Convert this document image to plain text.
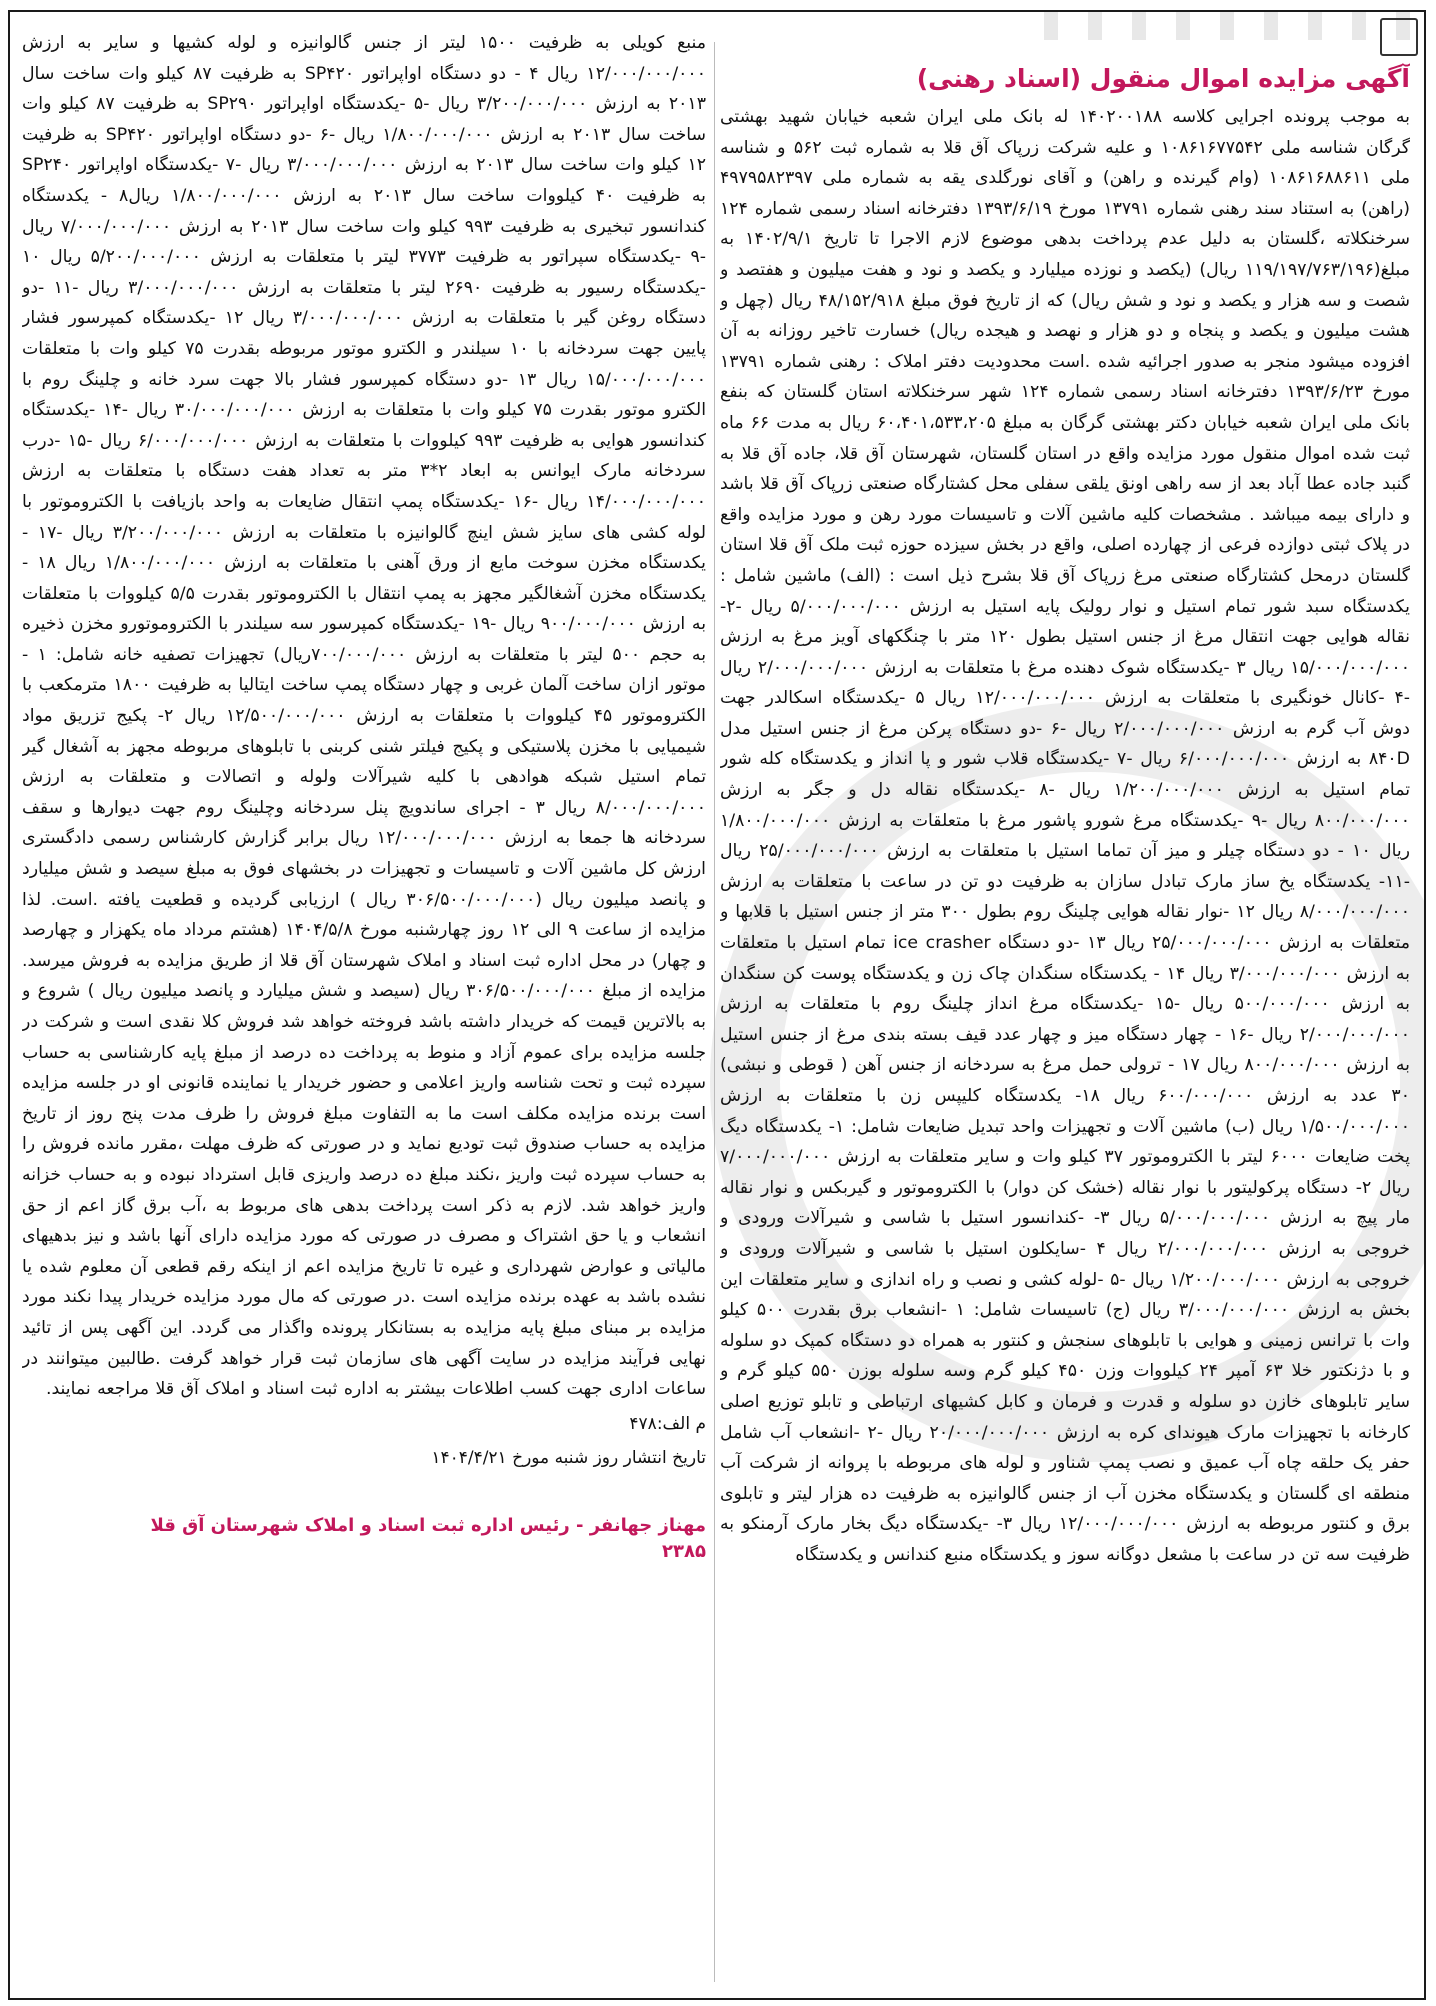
آگهی مزایده اموال منقول (اسناد رهنی)

به موجب پرونده اجرایی کلاسه ۱۴۰۲۰۰۱۸۸ له بانک ملی ایران شعبه خیابان شهید بهشتی گرگان شناسه ملی ۱۰۸۶۱۶۷۷۵۴۲ و علیه شرکت زرپاک آق قلا به شماره ثبت ۵۶۲ و شناسه ملی ۱۰۸۶۱۶۸۸۶۱۱ (وام گیرنده و راهن) و آقای نورگلدی یقه به شماره ملی ۴۹۷۹۵۸۲۳۹۷ (راهن) به استناد سند رهنی شماره ۱۳۷۹۱ مورخ ۱۳۹۳/۶/۱۹ دفترخانه اسناد رسمی شماره ۱۲۴ سرخنکلاته ،گلستان به دلیل عدم پرداخت بدهی موضوع لازم الاجرا تا تاریخ ۱۴۰۲/۹/۱ به مبلغ(۱۱۹/۱۹۷/۷۶۳/۱۹۶ ریال) (یکصد و نوزده میلیارد و یکصد و نود و هفت میلیون و هفتصد و شصت و سه هزار و یکصد و نود و شش ریال) که از تاریخ فوق مبلغ ۴۸/۱۵۲/۹۱۸ ریال (چهل و هشت میلیون و یکصد و پنجاه و دو هزار و نهصد و هیجده ریال) خسارت تاخیر روزانه به آن افزوده میشود منجر به صدور اجرائیه شده .است محدودیت دفتر املاک : رهنی شماره ۱۳۷۹۱ مورخ ۱۳۹۳/۶/۲۳ دفترخانه اسناد رسمی شماره ۱۲۴ شهر سرخنکلاته استان گلستان که بنفع بانک ملی ایران شعبه خیابان دکتر بهشتی گرگان به مبلغ ۶۰،۴۰۱،۵۳۳،۲۰۵ ریال به مدت ۶۶ ماه ثبت شده اموال منقول مورد مزایده واقع در استان گلستان، شهرستان آق قلا، جاده آق قلا به گنبد جاده عطا آباد بعد از سه راهی اونق یلقی سفلی محل کشتارگاه صنعتی زرپاک آق قلا باشد و دارای بیمه میباشد . مشخصات کلیه ماشین آلات و تاسیسات مورد رهن و مورد مزایده واقع در پلاک ثبتی دوازده فرعی از چهارده اصلی، واقع در بخش سیزده حوزه ثبت ملک آق قلا استان گلستان درمحل کشتارگاه صنعتی مرغ زرپاک آق قلا بشرح ذیل است : (الف) ماشین شامل : یکدستگاه سبد شور تمام استیل و نوار رولیک پایه استیل به ارزش ۵/۰۰۰/۰۰۰/۰۰۰ ریال -۲- نقاله هوایی جهت انتقال مرغ از جنس استیل بطول ۱۲۰ متر با چنگکهای آویز مرغ به ارزش ۱۵/۰۰۰/۰۰۰/۰۰۰ ریال ۳ -یکدستگاه شوک دهنده مرغ با متعلقات به ارزش ۲/۰۰۰/۰۰۰/۰۰۰ ریال -۴ -کانال خونگیری با متعلقات به ارزش ۱۲/۰۰۰/۰۰۰/۰۰۰ ریال ۵ -یکدستگاه اسکالدر جهت دوش آب گرم به ارزش ۲/۰۰۰/۰۰۰/۰۰۰ ریال -۶ -دو دستگاه پرکن مرغ از جنس استیل مدل ۸۴۰D به ارزش ۶/۰۰۰/۰۰۰/۰۰۰ ریال -۷ -یکدستگاه قلاب شور و پا انداز و یکدستگاه کله شور تمام استیل به ارزش ۱/۲۰۰/۰۰۰/۰۰۰ ریال -۸ -یکدستگاه نقاله دل و جگر به ارزش ۸۰۰/۰۰۰/۰۰۰ ریال -۹ -یکدستگاه مرغ شورو پاشور مرغ با متعلقات به ارزش ۱/۸۰۰/۰۰۰/۰۰۰ ریال ۱۰ - دو دستگاه چیلر و میز آن تماما استیل با متعلقات به ارزش ۲۵/۰۰۰/۰۰۰/۰۰۰ ریال -۱۱- یکدستگاه یخ ساز مارک تبادل سازان به ظرفیت دو تن در ساعت با متعلقات به ارزش ۸/۰۰۰/۰۰۰/۰۰۰ ریال ۱۲ -نوار نقاله هوایی چلینگ روم بطول ۳۰۰ متر از جنس استیل با قلابها و متعلقات به ارزش ۲۵/۰۰۰/۰۰۰/۰۰۰ ریال ۱۳ -دو دستگاه ice crasher تمام استیل با متعلقات به ارزش ۳/۰۰۰/۰۰۰/۰۰۰ ریال ۱۴ - یکدستگاه سنگدان چاک زن و یکدستگاه پوست کن سنگدان به ارزش ۵۰۰/۰۰۰/۰۰۰ ریال -۱۵ -یکدستگاه مرغ انداز چلینگ روم با متعلقات به ارزش ۲/۰۰۰/۰۰۰/۰۰۰ ریال -۱۶ - چهار دستگاه میز و چهار عدد قیف بسته بندی مرغ از جنس استیل به ارزش ۸۰۰/۰۰۰/۰۰۰ ریال ۱۷ - ترولی حمل مرغ به سردخانه از جنس آهن ( قوطی و نبشی) ۳۰ عدد به ارزش ۶۰۰/۰۰۰/۰۰۰ ریال ۱۸- یکدستگاه کلیپس زن با متعلقات به ارزش ۱/۵۰۰/۰۰۰/۰۰۰ ریال (ب) ماشین آلات و تجهیزات واحد تبدیل ضایعات شامل: ۱- یکدستگاه دیگ پخت ضایعات ۶۰۰۰ لیتر با الکتروموتور ۳۷ کیلو وات و سایر متعلقات به ارزش ۷/۰۰۰/۰۰۰/۰۰۰ ریال ۲- دستگاه پرکولیتور با نوار نقاله (خشک کن دوار) با الکتروموتور و گیربکس و نوار نقاله مار پیچ به ارزش ۵/۰۰۰/۰۰۰/۰۰۰ ریال ۳- -کندانسور استیل با شاسی و شیرآلات ورودی و خروجی به ارزش ۲/۰۰۰/۰۰۰/۰۰۰ ریال ۴ -سایکلون استیل با شاسی و شیرآلات ورودی و خروجی به ارزش ۱/۲۰۰/۰۰۰/۰۰۰ ریال -۵ -لوله کشی و نصب و راه اندازی و سایر متعلقات این بخش به ارزش ۳/۰۰۰/۰۰۰/۰۰۰ ریال (ج) تاسیسات شامل: ۱ -انشعاب برق بقدرت ۵۰۰ کیلو وات با ترانس زمینی و هوایی با تابلوهای سنجش و کنتور به همراه دو دستگاه کمپک دو سلوله و با دژنکتور خلا ۶۳ آمپر ۲۴ کیلووات وزن ۴۵۰ کیلو گرم وسه سلوله بوزن ۵۵۰ کیلو گرم و سایر تابلوهای خازن دو سلوله و قدرت و فرمان و کابل کشیهای ارتباطی و تابلو توزیع اصلی کارخانه با تجهیزات مارک هیوندای کره به ارزش ۲۰/۰۰۰/۰۰۰/۰۰۰ ریال -۲ -انشعاب آب شامل حفر یک حلقه چاه آب عمیق و نصب پمپ شناور و لوله های مربوطه با پروانه از شرکت آب منطقه ای گلستان و یکدستگاه مخزن آب از جنس گالوانیزه به ظرفیت ده هزار لیتر و تابلوی برق و کنتور مربوطه به ارزش ۱۲/۰۰۰/۰۰۰/۰۰۰ ریال ۳- -یکدستگاه دیگ بخار مارک آرمنکو به ظرفیت سه تن در ساعت با مشعل دوگانه سوز و یکدستگاه منبع کندانس و یکدستگاه

منبع کویلی به ظرفیت ۱۵۰۰ لیتر از جنس گالوانیزه و لوله کشیها و سایر به ارزش ۱۲/۰۰۰/۰۰۰/۰۰۰ ریال ۴ - دو دستگاه اواپراتور SP۴۲۰ به ظرفیت ۸۷ کیلو وات ساخت سال ۲۰۱۳ به ارزش ۳/۲۰۰/۰۰۰/۰۰۰ ریال -۵ -یکدستگاه اواپراتور SP۲۹۰ به ظرفیت ۸۷ کیلو وات ساخت سال ۲۰۱۳ به ارزش ۱/۸۰۰/۰۰۰/۰۰۰ ریال -۶ -دو دستگاه اواپراتور SP۴۲۰ به ظرفیت ۱۲ کیلو وات ساخت سال ۲۰۱۳ به ارزش ۳/۰۰۰/۰۰۰/۰۰۰ ریال -۷ -یکدستگاه اواپراتور SP۲۴۰ به ظرفیت ۴۰ کیلووات ساخت سال ۲۰۱۳ به ارزش ۱/۸۰۰/۰۰۰/۰۰۰ ریال۸ - یکدستگاه کندانسور تبخیری به ظرفیت ۹۹۳ کیلو وات ساخت سال ۲۰۱۳ به ارزش ۷/۰۰۰/۰۰۰/۰۰۰ ریال -۹ -یکدستگاه سپراتور به ظرفیت ۳۷۷۳ لیتر با متعلقات به ارزش ۵/۲۰۰/۰۰۰/۰۰۰ ریال ۱۰ -یکدستگاه رسیور به ظرفیت ۲۶۹۰ لیتر با متعلقات به ارزش ۳/۰۰۰/۰۰۰/۰۰۰ ریال -۱۱ -دو دستگاه روغن گیر با متعلقات به ارزش ۳/۰۰۰/۰۰۰/۰۰۰ ریال ۱۲ -یکدستگاه کمپرسور فشار پایین جهت سردخانه با ۱۰ سیلندر و الکترو موتور مربوطه بقدرت ۷۵ کیلو وات با متعلقات ۱۵/۰۰۰/۰۰۰/۰۰۰ ریال ۱۳ -دو دستگاه کمپرسور فشار بالا جهت سرد خانه و چلینگ روم با الکترو موتور بقدرت ۷۵ کیلو وات با متعلقات به ارزش ۳۰/۰۰۰/۰۰۰/۰۰۰ ریال -۱۴ -یکدستگاه کندانسور هوایی به ظرفیت ۹۹۳ کیلووات با متعلقات به ارزش ۶/۰۰۰/۰۰۰/۰۰۰ ریال -۱۵ -درب سردخانه مارک ایوانس به ابعاد ۲*۳ متر به تعداد هفت دستگاه با متعلقات به ارزش ۱۴/۰۰۰/۰۰۰/۰۰۰ ریال -۱۶ -یکدستگاه پمپ انتقال ضایعات به واحد بازیافت با الکتروموتور با لوله کشی های سایز شش اینچ گالوانیزه با متعلقات به ارزش ۳/۲۰۰/۰۰۰/۰۰۰ ریال -۱۷ - یکدستگاه مخزن سوخت مایع از ورق آهنی با متعلقات به ارزش ۱/۸۰۰/۰۰۰/۰۰۰ ریال ۱۸ - یکدستگاه مخزن آشغالگیر مجهز به پمپ انتقال با الکتروموتور بقدرت ۵/۵ کیلووات با متعلقات به ارزش ۹۰۰/۰۰۰/۰۰۰ ریال -۱۹ -یکدستگاه کمپرسور سه سیلندر با الکتروموتورو مخزن ذخیره به حجم ۵۰۰ لیتر با متعلقات به ارزش ۷۰۰/۰۰۰/۰۰۰ریال) تجهیزات تصفیه خانه شامل: ۱ - موتور ازان ساخت آلمان غربی و چهار دستگاه پمپ ساخت ایتالیا به ظرفیت ۱۸۰۰ مترمکعب با الکتروموتور ۴۵ کیلووات با متعلقات به ارزش ۱۲/۵۰۰/۰۰۰/۰۰۰ ریال ۲- پکیج تزریق مواد شیمیایی با مخزن پلاستیکی و پکیج فیلتر شنی کربنی با تابلوهای مربوطه مجهز به آشغال گیر تمام استیل شبکه هوادهی با کلیه شیرآلات ولوله و اتصالات و متعلقات به ارزش ۸/۰۰۰/۰۰۰/۰۰۰ ریال ۳ - اجرای ساندویچ پنل سردخانه وچلینگ روم جهت دیوارها و سقف سردخانه ها جمعا به ارزش ۱۲/۰۰۰/۰۰۰/۰۰۰ ریال برابر گزارش کارشناس رسمی دادگستری ارزش کل ماشین آلات و تاسیسات و تجهیزات در بخشهای فوق به مبلغ سیصد و شش میلیارد و پانصد میلیون ریال (۳۰۶/۵۰۰/۰۰۰/۰۰۰ ریال ) ارزیابی گردیده و قطعیت یافته .است. لذا مزایده از ساعت ۹ الی ۱۲ روز چهارشنبه مورخ ۱۴۰۴/۵/۸ (هشتم مرداد ماه یکهزار و چهارصد و چهار) در محل اداره ثبت اسناد و املاک شهرستان آق قلا از طریق مزایده به فروش میرسد. مزایده از مبلغ ۳۰۶/۵۰۰/۰۰۰/۰۰۰ ریال (سیصد و شش میلیارد و پانصد میلیون ریال ) شروع و به بالاترین قیمت که خریدار داشته باشد فروخته خواهد شد فروش کلا نقدی است و شرکت در جلسه مزایده برای عموم آزاد و منوط به پرداخت ده درصد از مبلغ پایه کارشناسی به حساب سپرده ثبت و تحت شناسه واریز اعلامی و حضور خریدار یا نماینده قانونی او در جلسه مزایده است برنده مزایده مکلف است ما به التفاوت مبلغ فروش را ظرف مدت پنج روز از تاریخ مزایده به حساب صندوق ثبت تودیع نماید و در صورتی که ظرف مهلت ،مقرر مانده فروش را به حساب سپرده ثبت واریز ،نکند مبلغ ده درصد واریزی قابل استرداد نبوده و به حساب خزانه واریز خواهد شد. لازم به ذکر است پرداخت بدهی های مربوط به ،آب برق گاز اعم از حق انشعاب و یا حق اشتراک و مصرف در صورتی که مورد مزایده دارای آنها باشد و نیز بدهیهای مالیاتی و عوارض شهرداری و غیره تا تاریخ مزایده اعم از اینکه رقم قطعی آن معلوم شده یا نشده باشد به عهده برنده مزایده است .در صورتی که مال مورد مزایده خریدار پیدا نکند مورد مزایده بر مبنای مبلغ پایه مزایده به بستانکار پرونده واگذار می گردد. این آگهی پس از تائید نهایی فرآیند مزایده در سایت آگهی های سازمان ثبت قرار خواهد گرفت .طالبین میتوانند در ساعات اداری جهت کسب اطلاعات بیشتر به اداره ثبت اسناد و املاک آق قلا مراجعه نمایند.

م الف:۴۷۸

تاریخ انتشار روز شنبه مورخ ۱۴۰۴/۴/۲۱

مهناز جهانفر - رئیس اداره ثبت اسناد و املاک شهرستان آق قلا
۲۳۸۵
